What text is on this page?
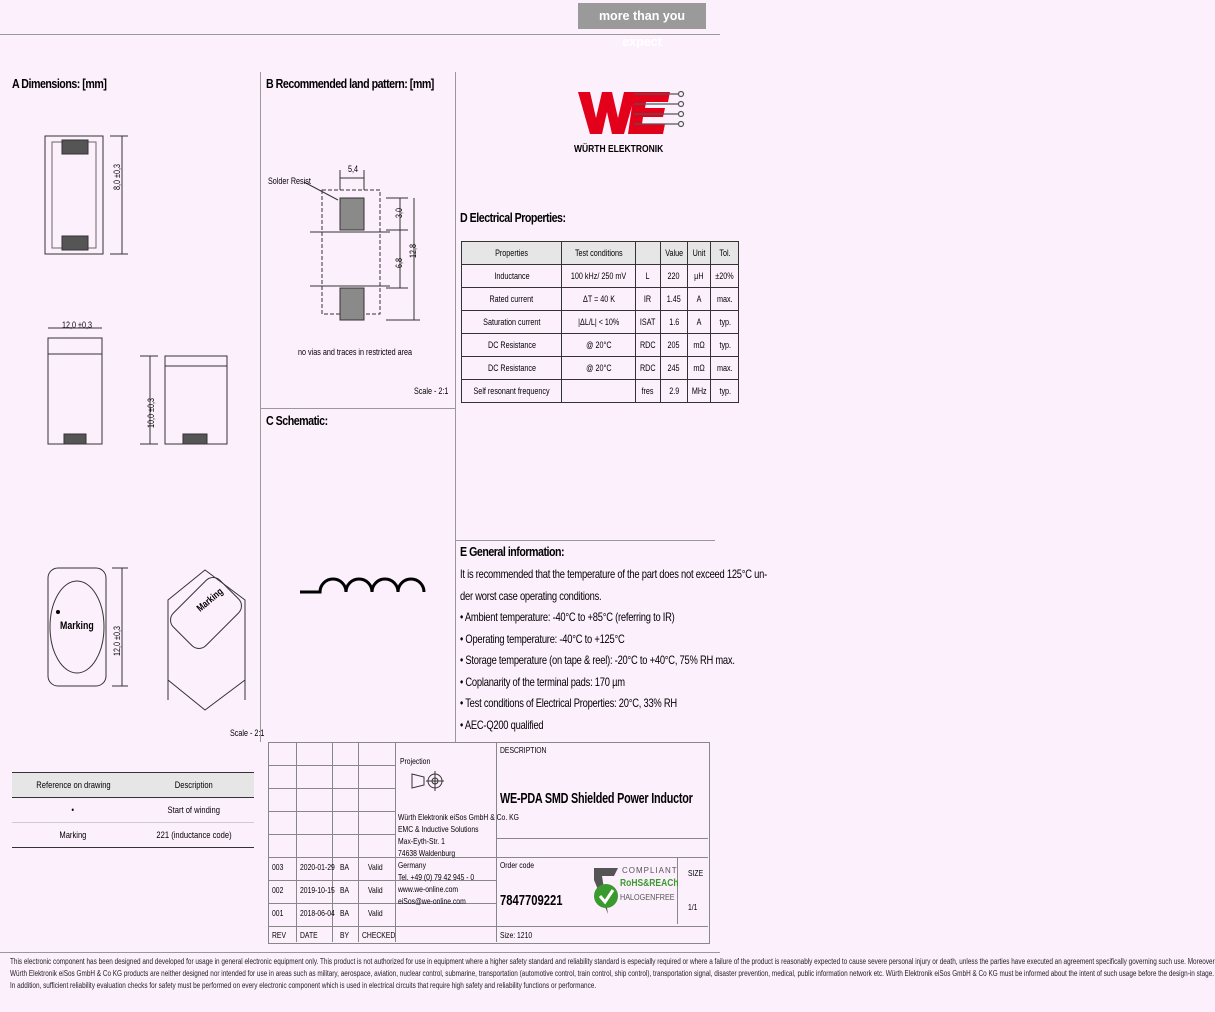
more than you expect
A Dimensions: [mm]	B Recommended land pattern: [mm]
C Schematic:
D Electrical Properties:
E General information:
WÜRTH ELEKTRONIK
8,0 ±0,3
12,0 ±0,3
10,0 ±0,3
12,0 ±0,3
Marking
Marking
Scale - 2:1
Solder Resist
5,4
3,0
6,8
12,8
no vias and traces in restricted area
Scale - 2:1
Properties	Test conditions		Value	Unit	Tol.
Inductance	100 kHz/ 250 mV	L	220	µH	±20%
Rated current	ΔT = 40 K	IR	1.45	A	max.
Saturation current	|ΔL/L| < 10%	ISAT	1.6	A	typ.
DC Resistance	@ 20°C	RDC	205	mΩ	typ.
DC Resistance	@ 20°C	RDC	245	mΩ	max.
Self resonant frequency		fres	2.9	MHz	typ.
It is recommended that the temperature of the part does not exceed 125°C un-
der worst case operating conditions.
• Ambient temperature: -40°C to +85°C (referring to IR)
• Operating temperature: -40°C to +125°C
• Storage temperature (on tape & reel): -20°C to +40°C, 75% RH max.
• Coplanarity of the terminal pads: 170 µm
• Test conditions of Electrical Properties: 20°C, 33% RH
• AEC-Q200 qualified
Reference on drawing	Description
•	Start of winding
Marking	221 (inductance code)
Projection
Würth Elektronik eiSos GmbH & Co. KG
EMC & Inductive Solutions
Max-Eyth-Str. 1
74638 Waldenburg
Germany
Tel. +49 (0) 79 42 945 - 0
www.we-online.com
eiSos@we-online.com
003 2020-01-29 BA Valid
002 2019-10-15 BA Valid
001 2018-06-04 BA Valid
REV DATE	BY CHECKED
DESCRIPTION
WE-PDA SMD Shielded Power Inductor
Order code
7847709221
SIZE
1/1
Size: 1210
COMPLIANT
RoHS&REACh
HALOGENFREE
This electronic component has been designed and developed for usage in general electronic equipment only. This product is not authorized for use in equipment where a higher safety standard and reliability standard is especially required or where a failure of the product is reasonably expected to cause severe personal injury or death, unless the parties have executed an agreement specifically governing such use. Moreover
Würth Elektronik eiSos GmbH & Co KG products are neither designed nor intended for use in areas such as military, aerospace, aviation, nuclear control, submarine, transportation (automotive control, train control, ship control), transportation signal, disaster prevention, medical, public information network etc. Würth Elektronik eiSos GmbH & Co KG must be informed about the intent of such usage before the design-in stage.
In addition, sufficient reliability evaluation checks for safety must be performed on every electronic component which is used in electrical circuits that require high safety and reliability functions or performance.
